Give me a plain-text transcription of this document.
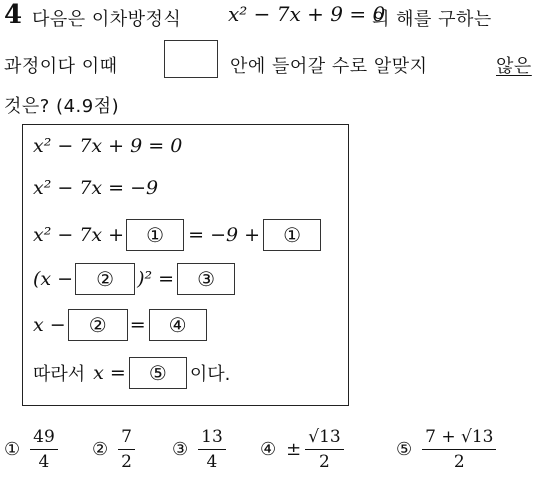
4 다음은 이차방정식 x² − 7x + 9 = 0
의 해를 구하는
과정이다 이때	안에 들어갈 수로 알맞지	않은
것은? (4.9점)
x² − 7x + 9 = 0
x² − 7x = −9
x² − 7x +	①	= −9 +	①
(x −	②	)² =	③
x −	②	=	④
따라서 x =	⑤	이다.
① $\frac{49}{4}$ ② $\frac{7}{2}$ ③ $\frac{13}{4}$ ④ ± $\frac{√13}{2}$	⑤ $\frac{7 + √13}{2}$
